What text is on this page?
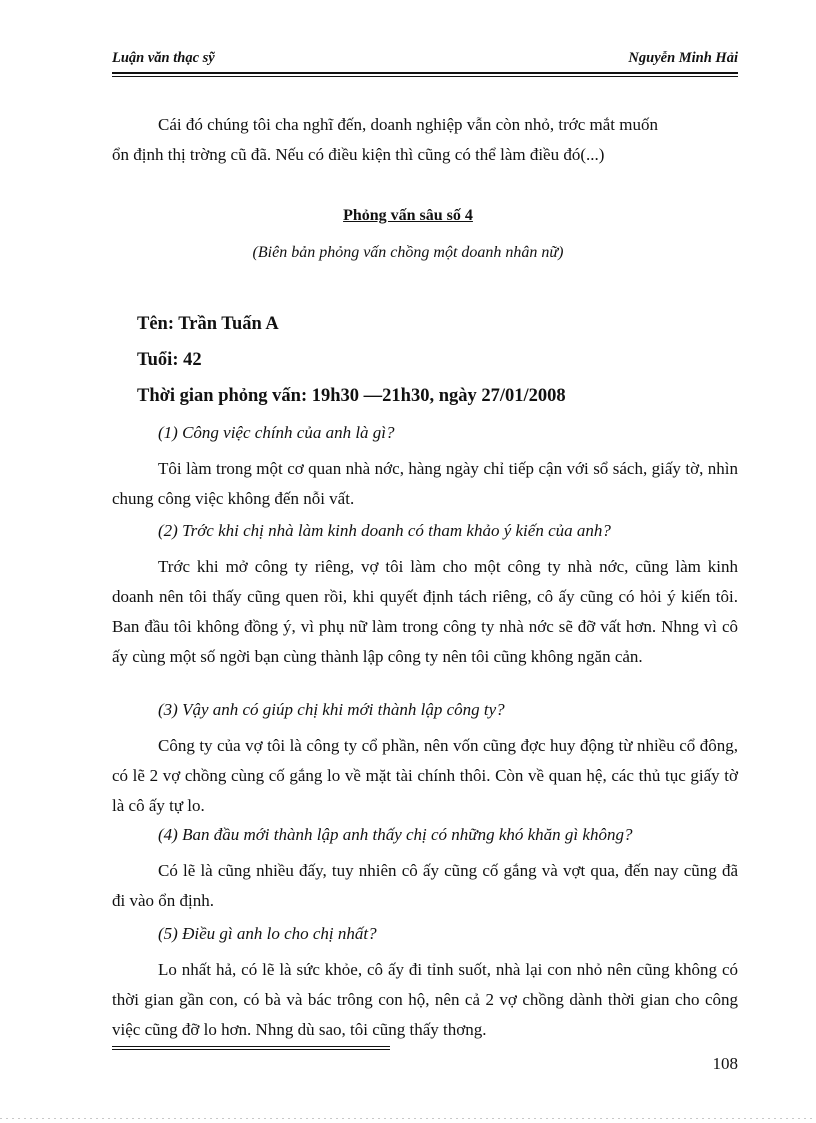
Luận văn thạc sỹ	Nguyễn Minh Hải
Cái đó chúng tôi cha nghĩ đến, doanh nghiệp vẫn còn nhỏ, trớc mắt muốn
ổn định thị trờng cũ đã. Nếu có điều kiện thì cũng có thể làm điều đó(...)
Phỏng vấn sâu số 4
(Biên bản phỏng vấn chồng một doanh nhân nữ)
Tên: Trần Tuấn A
Tuổi: 42
Thời gian phỏng vấn: 19h30 —21h30, ngày 27/01/2008
(1) Công việc chính của anh là gì?
Tôi làm trong một cơ quan nhà nớc, hàng ngày chỉ tiếp cận với sổ sách, giấy tờ, nhìn chung công việc không đến nỗi vất.
(2) Trớc khi chị nhà làm kinh doanh có tham khảo ý kiến của anh?
Trớc khi mở công ty riêng, vợ tôi làm cho một công ty nhà nớc, cũng làm kinh doanh nên tôi thấy cũng quen rồi, khi quyết định tách riêng, cô ấy cũng có hỏi ý kiến tôi. Ban đầu tôi không đồng ý, vì phụ nữ làm trong công ty nhà nớc sẽ đỡ vất hơn. Nhng vì cô ấy cùng một số ngời bạn cùng thành lập công ty nên tôi cũng không ngăn cản.
(3) Vậy anh có giúp chị khi mới thành lập công ty?
Công ty của vợ tôi là công ty cổ phần, nên vốn cũng đợc huy động từ nhiều cổ đông, có lẽ 2 vợ chồng cùng cố gắng lo về mặt tài chính thôi. Còn về quan hệ, các thủ tục giấy tờ là cô ấy tự lo.
(4) Ban đầu mới thành lập anh thấy chị có những khó khăn gì không?
Có lẽ là cũng nhiều đấy, tuy nhiên cô ấy cũng cố gắng và vợt qua, đến nay cũng đã đi vào ổn định.
(5) Điều gì anh lo cho chị nhất?
Lo nhất hả, có lẽ là sức khỏe, cô ấy đi tỉnh suốt, nhà lại con nhỏ nên cũng không có thời gian gần con, có bà và bác trông con hộ, nên cả 2 vợ chồng dành thời gian cho công việc cũng đỡ lo hơn. Nhng dù sao, tôi cũng thấy thơng.
108
